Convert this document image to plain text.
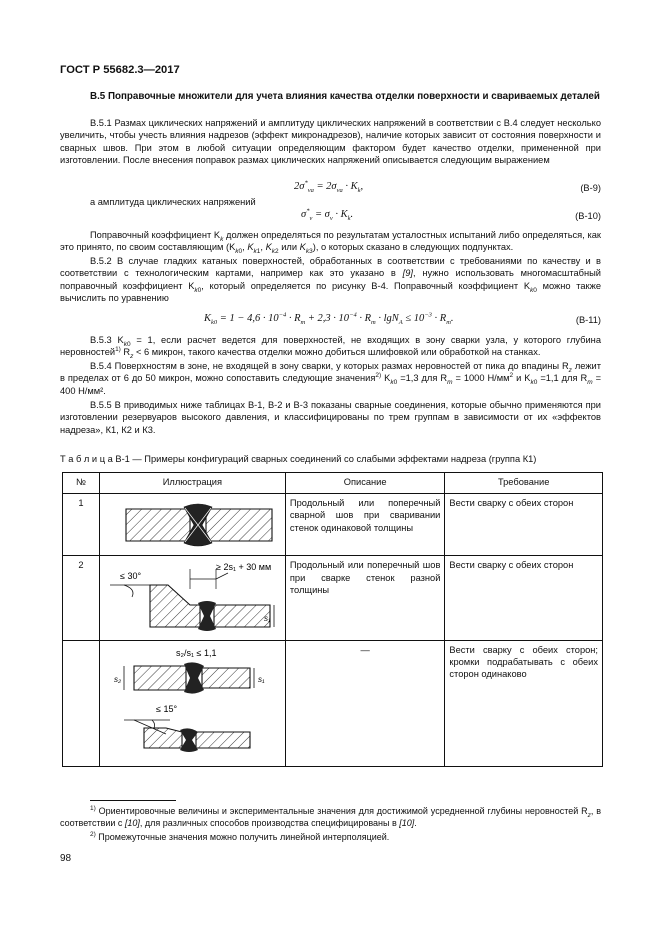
ГОСТ Р 55682.3—2017
В.5 Поправочные множители для учета влияния качества отделки поверхности и свариваемых деталей

В.5.1 Размах циклических напряжений и амплитуду циклических напряжений в соответствии с В.4 следует несколько увеличить, чтобы учесть влияния надрезов (эффект микронадрезов), наличие которых зависит от состояния поверхности и сварных швов. При этом в любой ситуации определяющим фактором будет качество отделки, примененной при изготовлении. После внесения поправок размах циклических напряжений описывается следующим выражением

$2\sigma^*_{\nu a} = 2\sigma_{\nu a} \cdot K_k$,	(В-9)
а амплитуда циклических напряжений
$\sigma^*_\nu = \sigma_\nu \cdot K_k$.	(В-10)

Поправочный коэффициент $K_k$ должен определяться по результатам усталостных испытаний либо определяться, как это принято, по своим составляющим ($K_{k0}$, $K_{k1}$, $K_{k2}$ или $K_{k3}$), о которых сказано в следующих подпунктах.

В.5.2 В случае гладких катаных поверхностей, обработанных в соответствии с требованиями по качеству и в соответствии с технологическим картами, например как это указано в [9], нужно использовать многомасштабный поправочный коэффициент $K_{k0}$, который определяется по рисунку В-4. Поправочный коэффициент $K_{k0}$ можно также вычислить по уравнению

$K_{k0} = 1 - 4,6 \cdot 10^{-4} \cdot R_m + 2,3 \cdot 10^{-4} \cdot R_m \cdot \lg N_A \le 10^{-3} \cdot R_m$.	(В-11)

В.5.3 $K_{k0} = 1$, если расчет ведется для поверхностей, не входящих в зону сварки узла, у которого глубина неровностей$^{1)}$ $R_z < 6$ микрон, такого качества отделки можно добиться шлифовкой или обработкой на станках.

В.5.4 Поверхностям в зоне, не входящей в зону сварки, у которых размах неровностей от пика до впадины $R_z$ лежит в пределах от 6 до 50 микрон, можно сопоставить следующие значения$^{2)}$ $K_{k0} =1,3$ для $R_m = 1000$ $Н/мм^2$ и $K_{k0} =1,1$ для $R_m = 400$ Н/мм².

В.5.5 В приводимых ниже таблицах В-1, В-2 и В-3 показаны сварные соединения, которые обычно применяются при изготовлении резервуаров высокого давления, и классифицированы по трем группам в зависимости от их «эффектов надреза», К1, К2 и К3.

Т а б л и ц а В-1 — Примеры конфигураций сварных соединений со слабыми эффектами надреза (группа К1)
№	Иллюстрация	Описание	Требование
1		Продольный или поперечный сварной шов при сваривании стенок одинаковой толщины	Вести сварку с обеих сторон
2	≤ 30°
≥ 2s₁ + 30 мм
s₁	Продольный или поперечный шов при сварке стенок разной толщины	Вести сварку с обеих сторон

s₂/s₁ ≤ 1,1
s₂ s₁
≤ 15°	—	Вести сварку с обеих сторон; кромки подрабатывать с обеих сторон одинаково
$^{1)}$ Ориентировочные величины и экспериментальные значения для достижимой усредненной глубины неровностей $R_z$, в соответствии с [10], для различных способов производства специфицированы в [10].
$^{2)}$ Промежуточные значения можно получить линейной интерполяцией.
98
